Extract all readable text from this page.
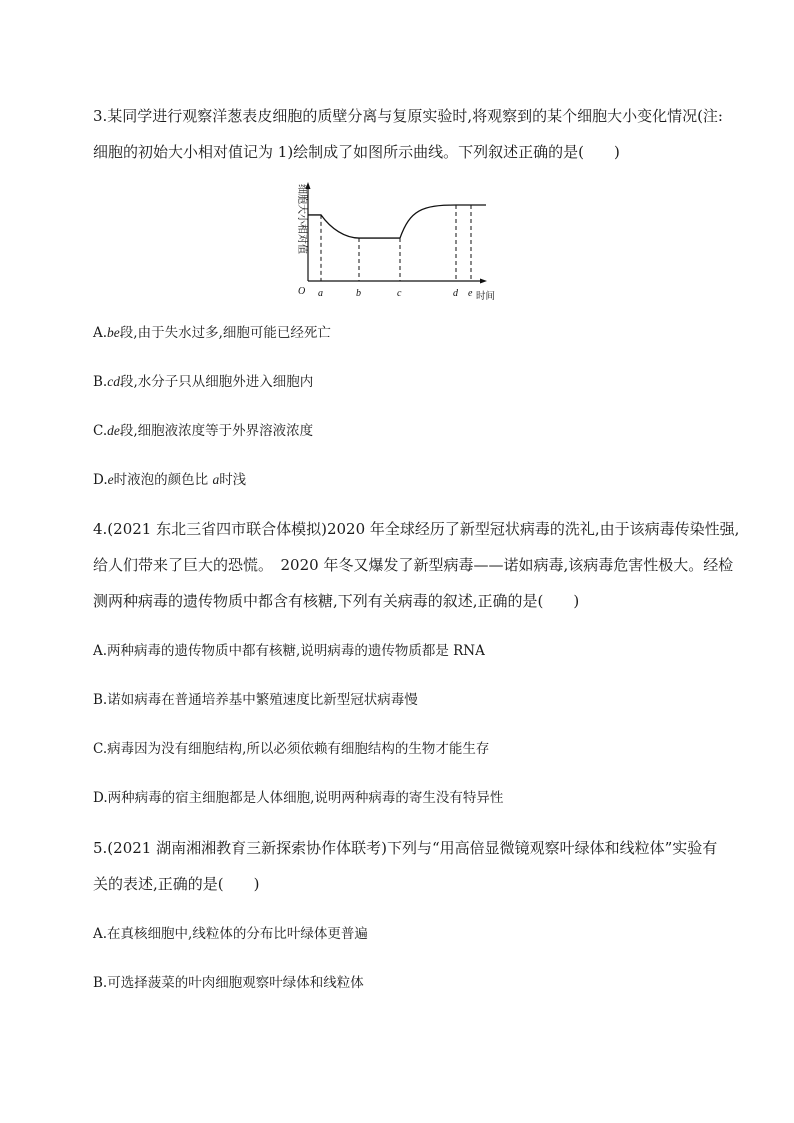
3.某同学进行观察洋葱表皮细胞的质壁分离与复原实验时,将观察到的某个细胞大小变化情况(注:
细胞的初始大小相对值记为 1)绘制成了如图所示曲线。下列叙述正确的是(　　)
细胞大小相对值
O a	b	c	d e 时间
A.be段,由于失水过多,细胞可能已经死亡
B.cd段,水分子只从细胞外进入细胞内
C.de段,细胞液浓度等于外界溶液浓度
D.e时液泡的颜色比 a时浅
4.(2021 东北三省四市联合体模拟)2020 年全球经历了新型冠状病毒的洗礼,由于该病毒传染性强,
给人们带来了巨大的恐慌。　2020 年冬又爆发了新型病毒——诺如病毒,该病毒危害性极大。经检
测两种病毒的遗传物质中都含有核糖,下列有关病毒的叙述,正确的是(　　)
A.两种病毒的遗传物质中都有核糖,说明病毒的遗传物质都是 RNA
B.诺如病毒在普通培养基中繁殖速度比新型冠状病毒慢
C.病毒因为没有细胞结构,所以必须依赖有细胞结构的生物才能生存
D.两种病毒的宿主细胞都是人体细胞,说明两种病毒的寄生没有特异性
5.(2021 湖南湘湘教育三新探索协作体联考)下列与“用高倍显微镜观察叶绿体和线粒体”实验有
关的表述,正确的是(　　)
A.在真核细胞中,线粒体的分布比叶绿体更普遍
B.可选择菠菜的叶肉细胞观察叶绿体和线粒体
